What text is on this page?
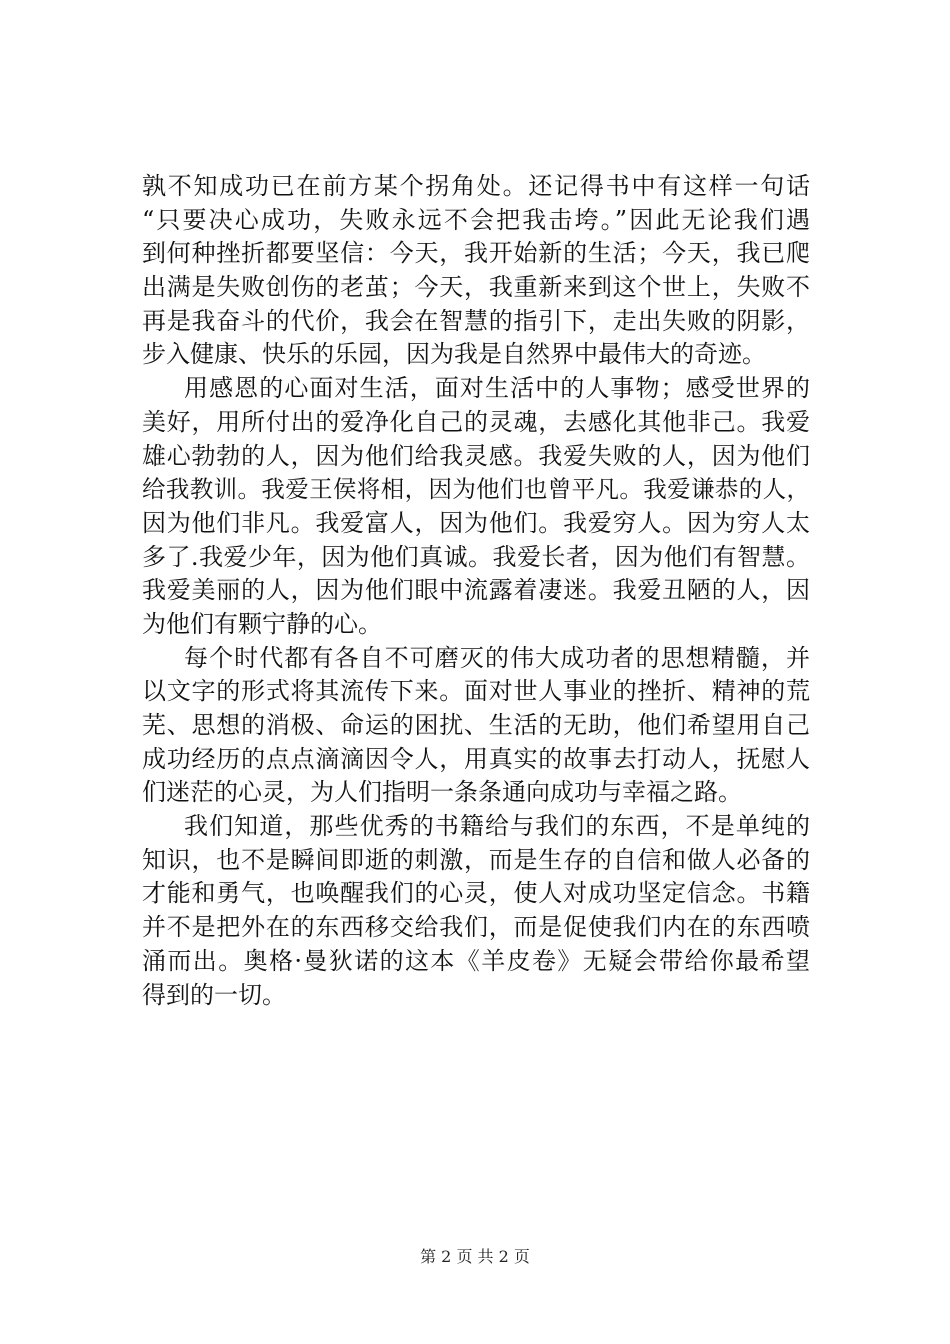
孰不知成功已在前方某个拐角处。还记得书中有这样一句话
“只要决心成功，失败永远不会把我击垮。”因此无论我们遇
到何种挫折都要坚信：今天，我开始新的生活；今天，我已爬
出满是失败创伤的老茧；今天，我重新来到这个世上，失败不
再是我奋斗的代价，我会在智慧的指引下，走出失败的阴影，
步入健康、快乐的乐园，因为我是自然界中最伟大的奇迹。
用感恩的心面对生活，面对生活中的人事物；感受世界的
美好，用所付出的爱净化自己的灵魂，去感化其他非己。我爱
雄心勃勃的人，因为他们给我灵感。我爱失败的人，因为他们
给我教训。我爱王侯将相，因为他们也曾平凡。我爱谦恭的人，
因为他们非凡。我爱富人，因为他们。我爱穷人。因为穷人太
多了.我爱少年，因为他们真诚。我爱长者，因为他们有智慧。
我爱美丽的人，因为他们眼中流露着凄迷。我爱丑陋的人，因
为他们有颗宁静的心。
每个时代都有各自不可磨灭的伟大成功者的思想精髓，并
以文字的形式将其流传下来。面对世人事业的挫折、精神的荒
芜、思想的消极、命运的困扰、生活的无助，他们希望用自己
成功经历的点点滴滴因令人，用真实的故事去打动人，抚慰人
们迷茫的心灵，为人们指明一条条通向成功与幸福之路。
我们知道，那些优秀的书籍给与我们的东西，不是单纯的
知识，也不是瞬间即逝的刺激，而是生存的自信和做人必备的
才能和勇气，也唤醒我们的心灵，使人对成功坚定信念。书籍
并不是把外在的东西移交给我们，而是促使我们内在的东西喷
涌而出。奥格·曼狄诺的这本《羊皮卷》无疑会带给你最希望
得到的一切。
第 2 页 共 2 页
